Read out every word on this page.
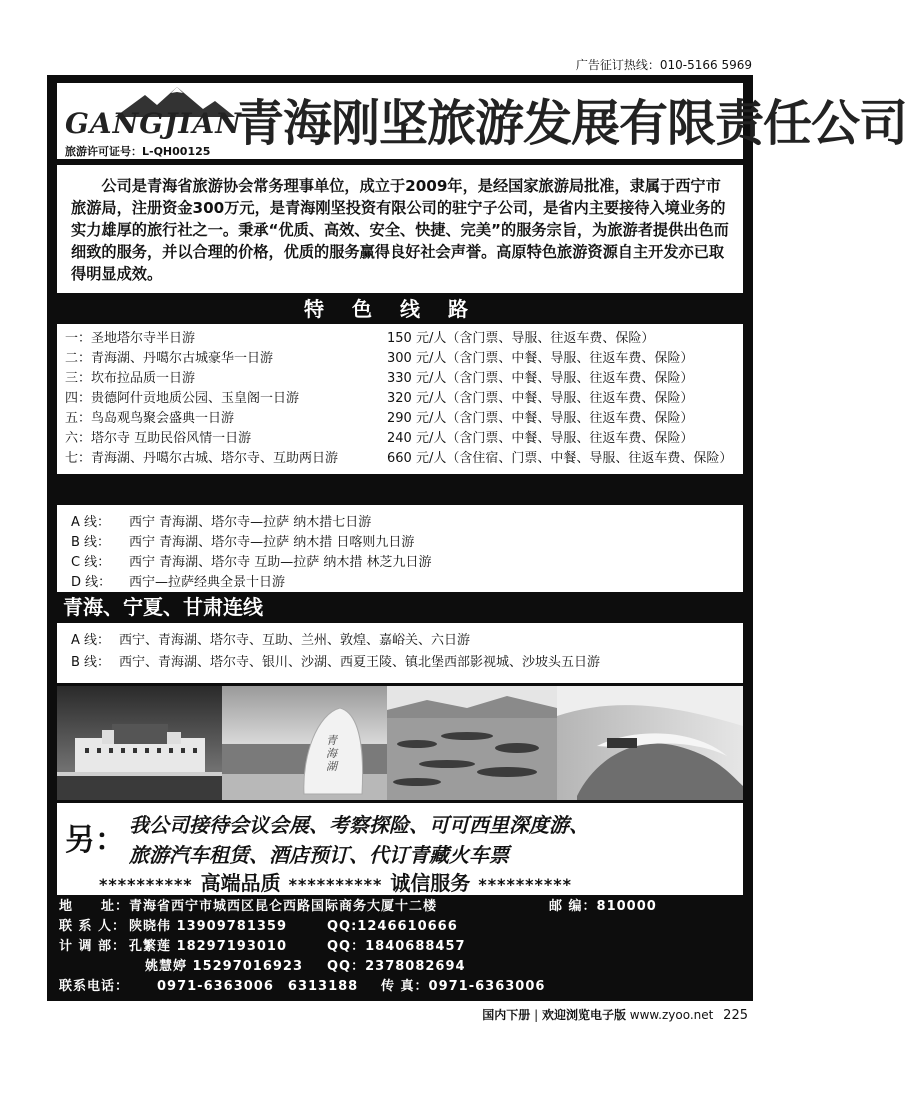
广告征订热线：010-5166 5969
GANGJIAN
旅游许可证号：L-QH00125 青海刚坚旅游发展有限责任公司

公司是青海省旅游协会常务理事单位，成立于2009年，是经国家旅游局批准，隶属于西宁市旅游局，注册资金300万元，是青海刚坚投资有限公司的驻宁子公司，是省内主要接待入境业务的实力雄厚的旅行社之一。秉承“优质、高效、安全、快捷、完美”的服务宗旨，为旅游者提供出色而细致的服务，并以合理的价格，优质的服务赢得良好社会声誉。高原特色旅游资源自主开发亦已取得明显成效。

特色线路
一：圣地塔尔寺半日游	150 元/人（含门票、导服、往返车费、保险）
二：青海湖、丹噶尔古城豪华一日游	300 元/人（含门票、中餐、导服、往返车费、保险）
三：坎布拉品质一日游	330 元/人（含门票、中餐、导服、往返车费、保险）
四：贵德阿什贡地质公园、玉皇阁一日游	320 元/人（含门票、中餐、导服、往返车费、保险）
五：鸟岛观鸟聚会盛典一日游	290 元/人（含门票、中餐、导服、往返车费、保险）
六：塔尔寺 互助民俗风情一日游	240 元/人（含门票、中餐、导服、往返车费、保险）
七：青海湖、丹噶尔古城、塔尔寺、互助两日游	660 元/人（含住宿、门票、中餐、导服、往返车费、保险）
A 线： 西宁 青海湖、塔尔寺—拉萨 纳木措七日游
B 线： 西宁 青海湖、塔尔寺—拉萨 纳木措 日喀则九日游
C 线： 西宁 青海湖、塔尔寺 互助—拉萨 纳木措 林芝九日游
D 线： 西宁—拉萨经典全景十日游
青海、宁夏、甘肃连线
A 线： 西宁、青海湖、塔尔寺、互助、兰州、敦煌、嘉峪关、六日游
B 线： 西宁、青海湖、塔尔寺、银川、沙湖、西夏王陵、镇北堡西部影视城、沙坡头五日游
青海湖
另： 我公司接待会议会展、考察探险、可可西里深度游、
旅游汽车租赁、酒店预订、代订青藏火车票
********** 高端品质 ********** 诚信服务 **********
地　　址： 青海省西宁市城西区昆仑西路国际商务大厦十二楼	邮 编：810000
联 系 人： 陕晓伟 13909781359	QQ:1246610666
计 调 部： 孔繁莲 18297193010	QQ：1840688457
姚慧婷 15297016923 QQ：2378082694
联系电话： 0971-6363006　6313188 传 真：0971-6363006
国内下册 | 欢迎浏览电子版 www.zyoo.net 225
